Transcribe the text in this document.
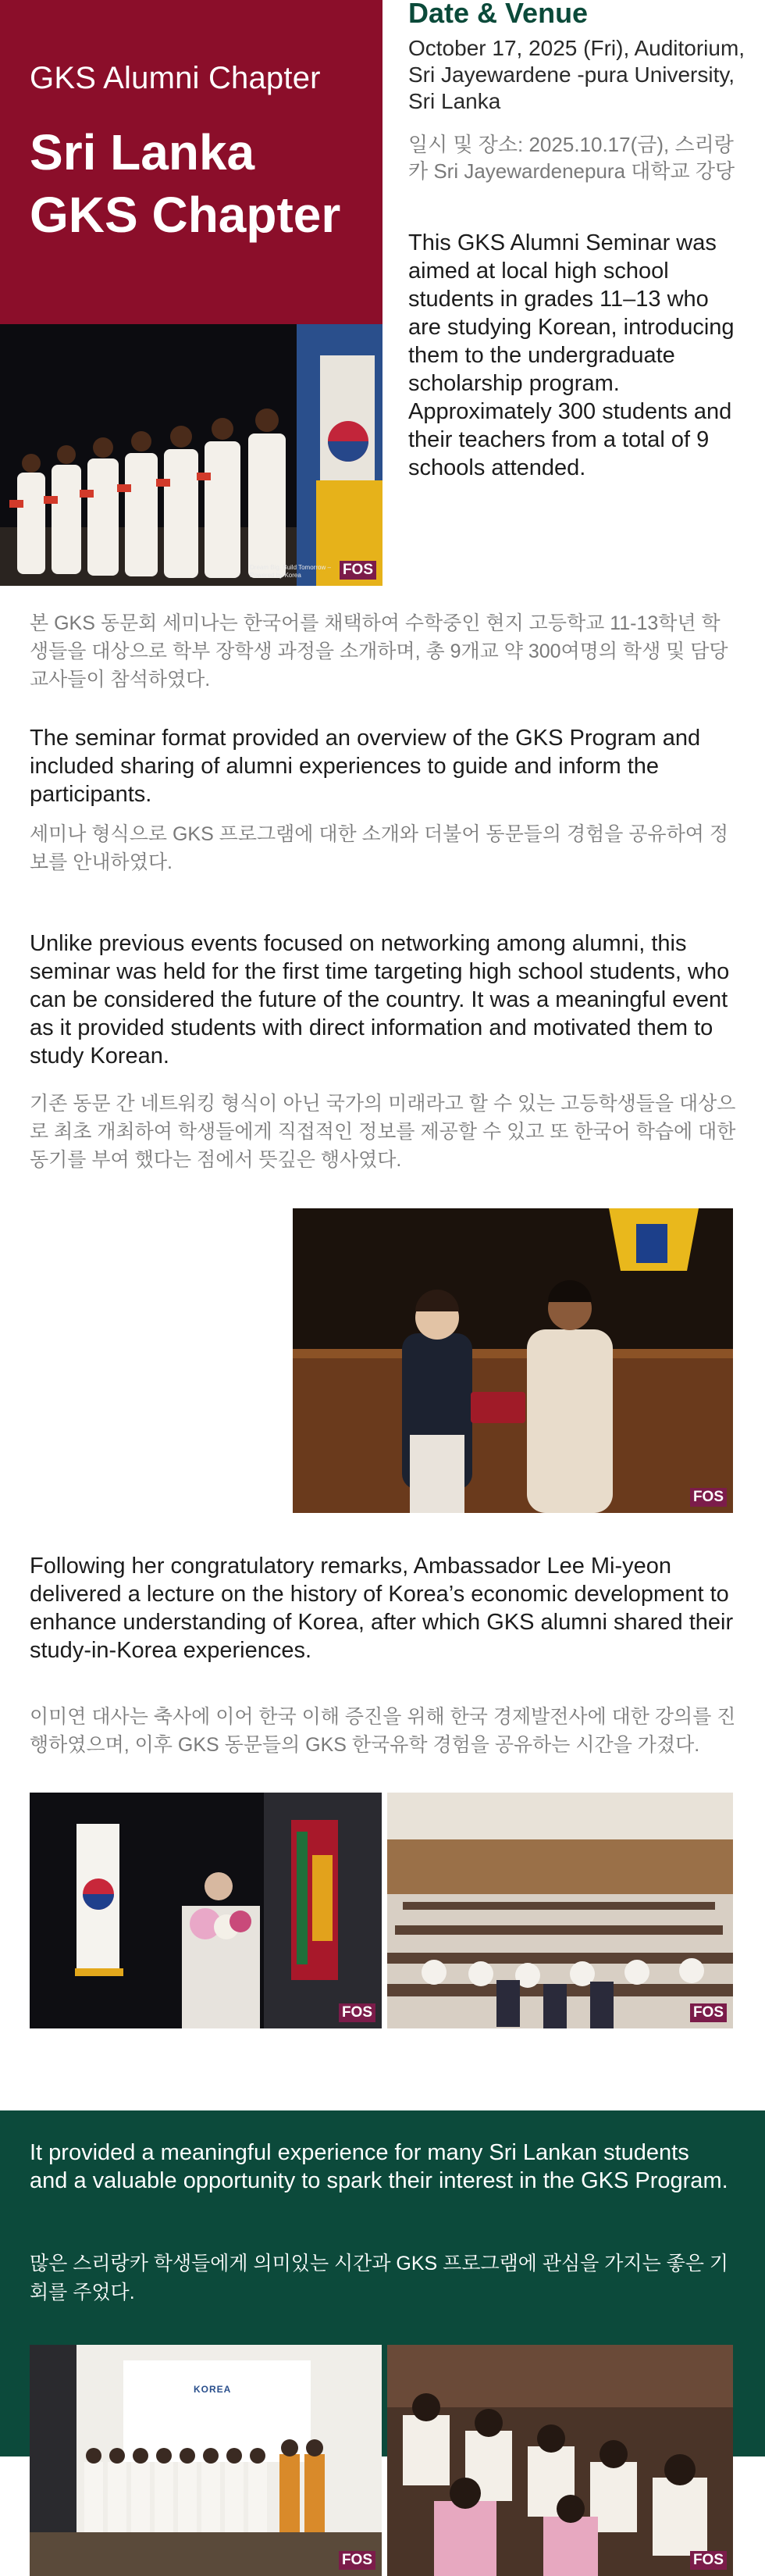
GKS Alumni Chapter
Sri Lanka
GKS Chapter
Dream Big, Build Tomorrow – Powered by Korea	FOS
Date & Venue
October 17, 2025 (Fri), Auditorium, Sri Jayewardene -pura University, Sri Lanka
일시 및 장소: 2025.10.17(금), 스리랑카 Sri Jayewardenepura 대학교 강당
This GKS Alumni Seminar was aimed at local high school students in grades 11–13 who are studying Korean, introducing them to the undergraduate scholarship program. Approximately 300 students and their teachers from a total of 9 schools attended.
본 GKS 동문회 세미나는 한국어를 채택하여 수학중인 현지 고등학교 11-13학년 학생들을 대상으로 학부 장학생 과정을 소개하며, 총 9개교 약 300여명의 학생 및 담당교사들이 참석하였다.
The seminar format provided an overview of the GKS Program and included sharing of alumni experiences to guide and inform the participants.
세미나 형식으로 GKS 프로그램에 대한 소개와 더불어 동문들의 경험을 공유하여 정보를 안내하였다.
Unlike previous events focused on networking among alumni, this seminar was held for the first time targeting high school students, who can be considered the future of the country. It was a meaningful event as it provided students with direct information and motivated them to study Korean.
기존 동문 간 네트워킹 형식이 아닌 국가의 미래라고 할 수 있는 고등학생들을 대상으로 최초 개최하여 학생들에게 직접적인 정보를 제공할 수 있고 또 한국어 학습에 대한 동기를 부여 했다는 점에서 뜻깊은 행사였다.
FOS
Following her congratulatory remarks, Ambassador Lee Mi-yeon delivered a lecture on the history of Korea’s economic development to enhance understanding of Korea, after which GKS alumni shared their study-in-Korea experiences.
이미연 대사는 축사에 이어 한국 이해 증진을 위해 한국 경제발전사에 대한 강의를 진행하였으며, 이후 GKS 동문들의 GKS 한국유학 경험을 공유하는 시간을 가졌다.
FOS	FOS
It provided a meaningful experience for many Sri Lankan students and a valuable opportunity to spark their interest in the GKS Program.
많은 스리랑카 학생들에게 의미있는 시간과 GKS 프로그램에 관심을 가지는 좋은 기회를 주었다.
KOREA
FOS	FOS
